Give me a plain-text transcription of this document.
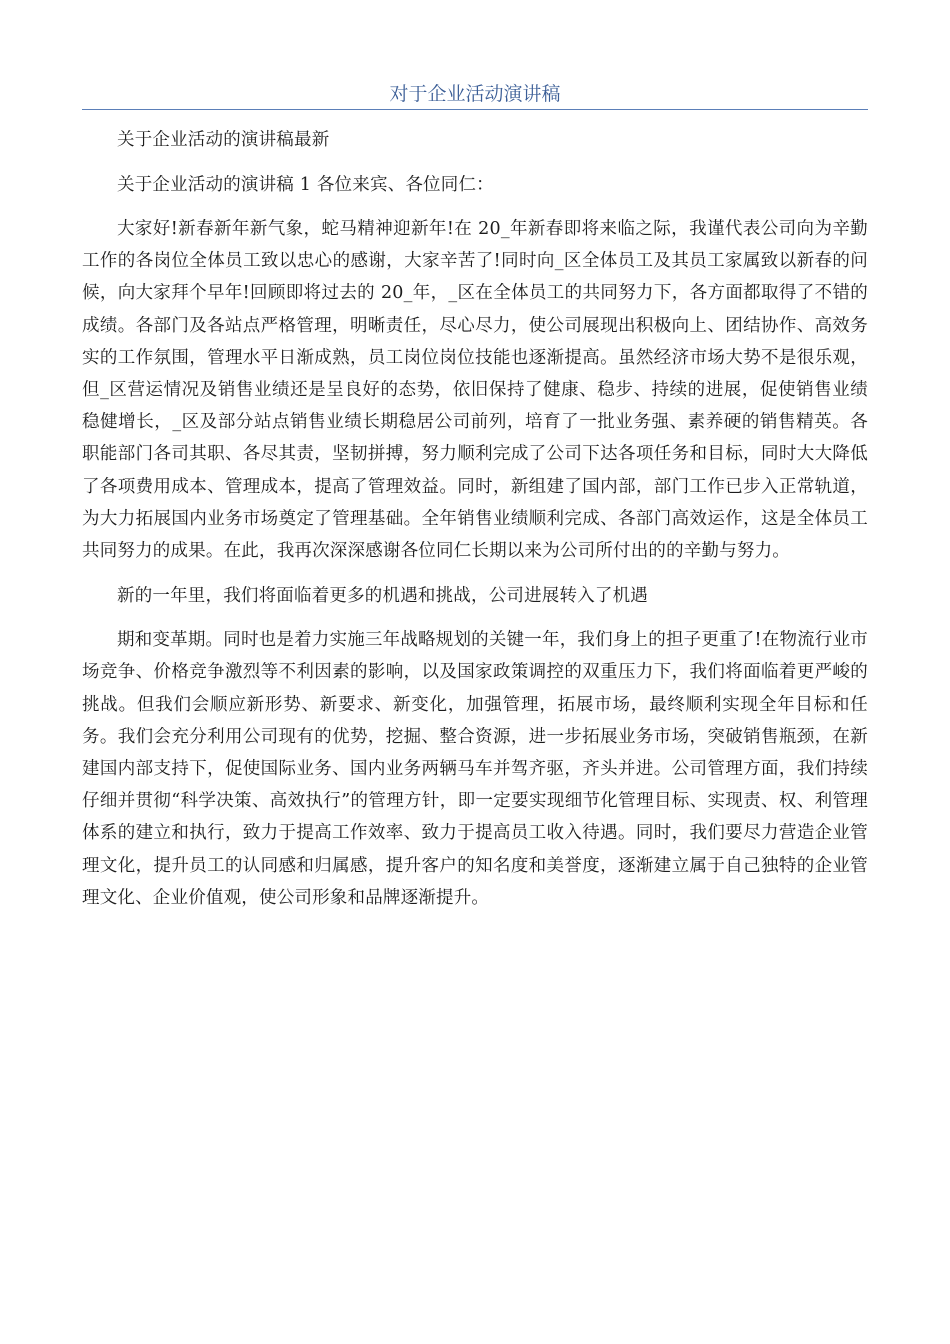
对于企业活动演讲稿

关于企业活动的演讲稿最新

关于企业活动的演讲稿 1 各位来宾、各位同仁：

大家好!新春新年新气象，蛇马精神迎新年!在 20_年新春即将来临之际，我谨代表公司向为辛勤工作的各岗位全体员工致以忠心的感谢，大家辛苦了!同时向_区全体员工及其员工家属致以新春的问候，向大家拜个早年!回顾即将过去的 20_年，_区在全体员工的共同努力下，各方面都取得了不错的成绩。各部门及各站点严格管理，明晰责任，尽心尽力，使公司展现出积极向上、团结协作、高效务实的工作氛围，管理水平日渐成熟，员工岗位岗位技能也逐渐提高。虽然经济市场大势不是很乐观，但_区营运情况及销售业绩还是呈良好的态势，依旧保持了健康、稳步、持续的进展，促使销售业绩稳健增长，_区及部分站点销售业绩长期稳居公司前列，培育了一批业务强、素养硬的销售精英。各职能部门各司其职、各尽其责，坚韧拼搏，努力顺利完成了公司下达各项任务和目标，同时大大降低了各项费用成本、管理成本，提高了管理效益。同时，新组建了国内部，部门工作已步入正常轨道，为大力拓展国内业务市场奠定了管理基础。全年销售业绩顺利完成、各部门高效运作，这是全体员工共同努力的成果。在此，我再次深深感谢各位同仁长期以来为公司所付出的的辛勤与努力。

新的一年里，我们将面临着更多的机遇和挑战，公司进展转入了机遇

期和变革期。同时也是着力实施三年战略规划的关键一年，我们身上的担子更重了!在物流行业市场竞争、价格竞争激烈等不利因素的影响，以及国家政策调控的双重压力下，我们将面临着更严峻的挑战。但我们会顺应新形势、新要求、新变化，加强管理，拓展市场，最终顺利实现全年目标和任务。我们会充分利用公司现有的优势，挖掘、整合资源，进一步拓展业务市场，突破销售瓶颈，在新建国内部支持下，促使国际业务、国内业务两辆马车并驾齐驱，齐头并进。公司管理方面，我们持续仔细并贯彻“科学决策、高效执行”的管理方针，即一定要实现细节化管理目标、实现责、权、利管理体系的建立和执行，致力于提高工作效率、致力于提高员工收入待遇。同时，我们要尽力营造企业管理文化，提升员工的认同感和归属感，提升客户的知名度和美誉度，逐渐建立属于自己独特的企业管理文化、企业价值观，使公司形象和品牌逐渐提升。
